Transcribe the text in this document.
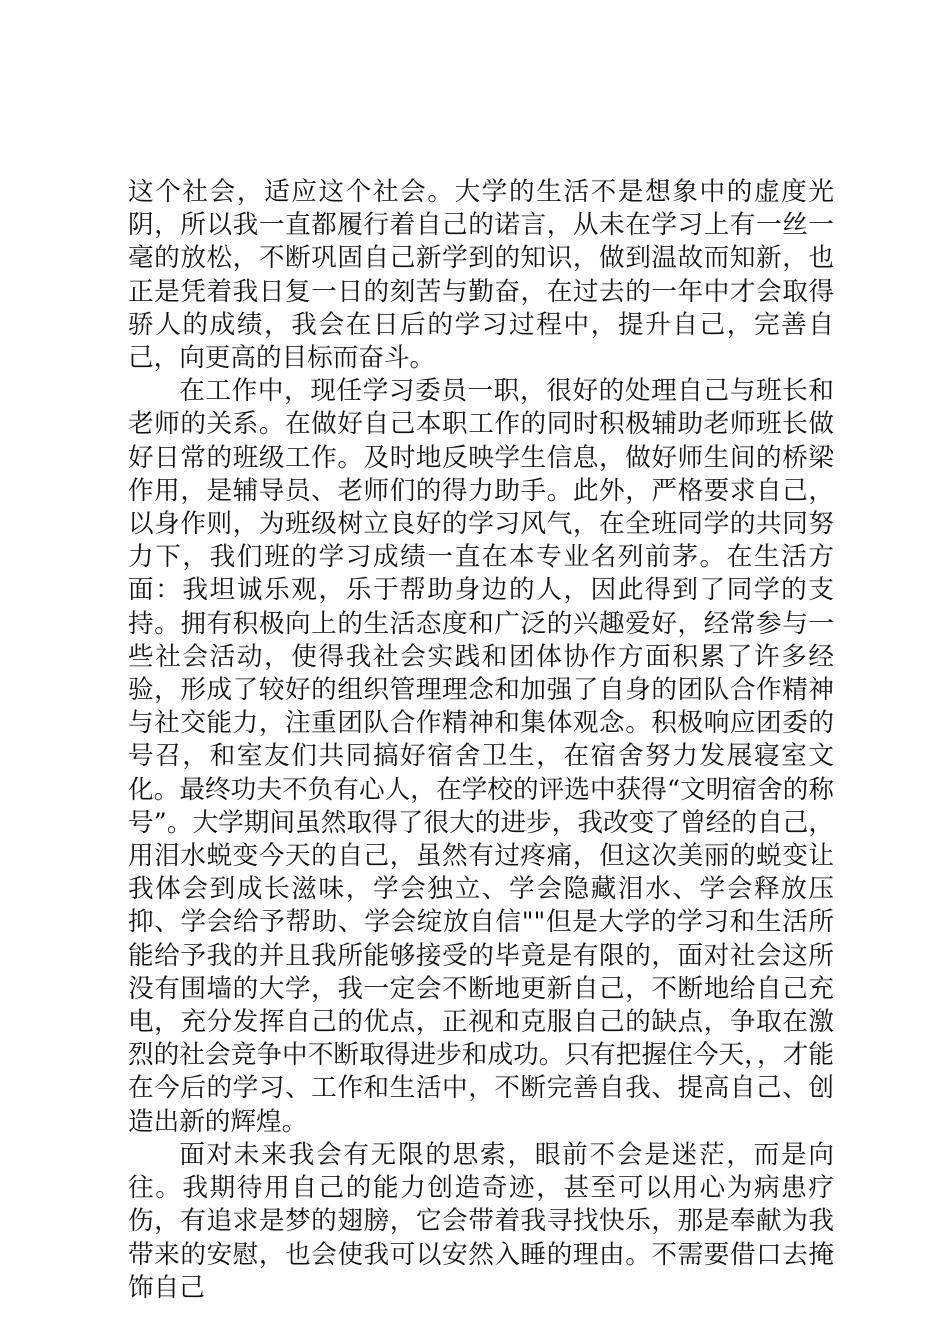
这个社会，适应这个社会。大学的生活不是想象中的虚度光阴，所以我一直都履行着自己的诺言，从未在学习上有一丝一毫的放松，不断巩固自己新学到的知识，做到温故而知新，也正是凭着我日复一日的刻苦与勤奋，在过去的一年中才会取得骄人的成绩，我会在日后的学习过程中，提升自己，完善自己，向更高的目标而奋斗。

在工作中，现任学习委员一职，很好的处理自己与班长和老师的关系。在做好自己本职工作的同时积极辅助老师班长做好日常的班级工作。及时地反映学生信息，做好师生间的桥梁作用，是辅导员、老师们的得力助手。此外，严格要求自己，以身作则，为班级树立良好的学习风气，在全班同学的共同努力下，我们班的学习成绩一直在本专业名列前茅。在生活方面：我坦诚乐观，乐于帮助身边的人，因此得到了同学的支持。拥有积极向上的生活态度和广泛的兴趣爱好，经常参与一些社会活动，使得我社会实践和团体协作方面积累了许多经验，形成了较好的组织管理理念和加强了自身的团队合作精神与社交能力，注重团队合作精神和集体观念。积极响应团委的号召，和室友们共同搞好宿舍卫生，在宿舍努力发展寝室文化。最终功夫不负有心人，在学校的评选中获得“文明宿舍的称号”。大学期间虽然取得了很大的进步，我改变了曾经的自己，用泪水蜕变今天的自己，虽然有过疼痛，但这次美丽的蜕变让我体会到成长滋味，学会独立、学会隐藏泪水、学会释放压抑、学会给予帮助、学会绽放自信""但是大学的学习和生活所能给予我的并且我所能够接受的毕竟是有限的，面对社会这所没有围墙的大学，我一定会不断地更新自己，不断地给自己充电，充分发挥自己的优点，正视和克服自己的缺点，争取在激烈的社会竞争中不断取得进步和成功。只有把握住今天，，才能在今后的学习、工作和生活中，不断完善自我、提高自己、创造出新的辉煌。

面对未来我会有无限的思索，眼前不会是迷茫，而是向往。我期待用自己的能力创造奇迹，甚至可以用心为病患疗伤，有追求是梦的翅膀，它会带着我寻找快乐，那是奉献为我带来的安慰，也会使我可以安然入睡的理由。不需要借口去掩饰自己
